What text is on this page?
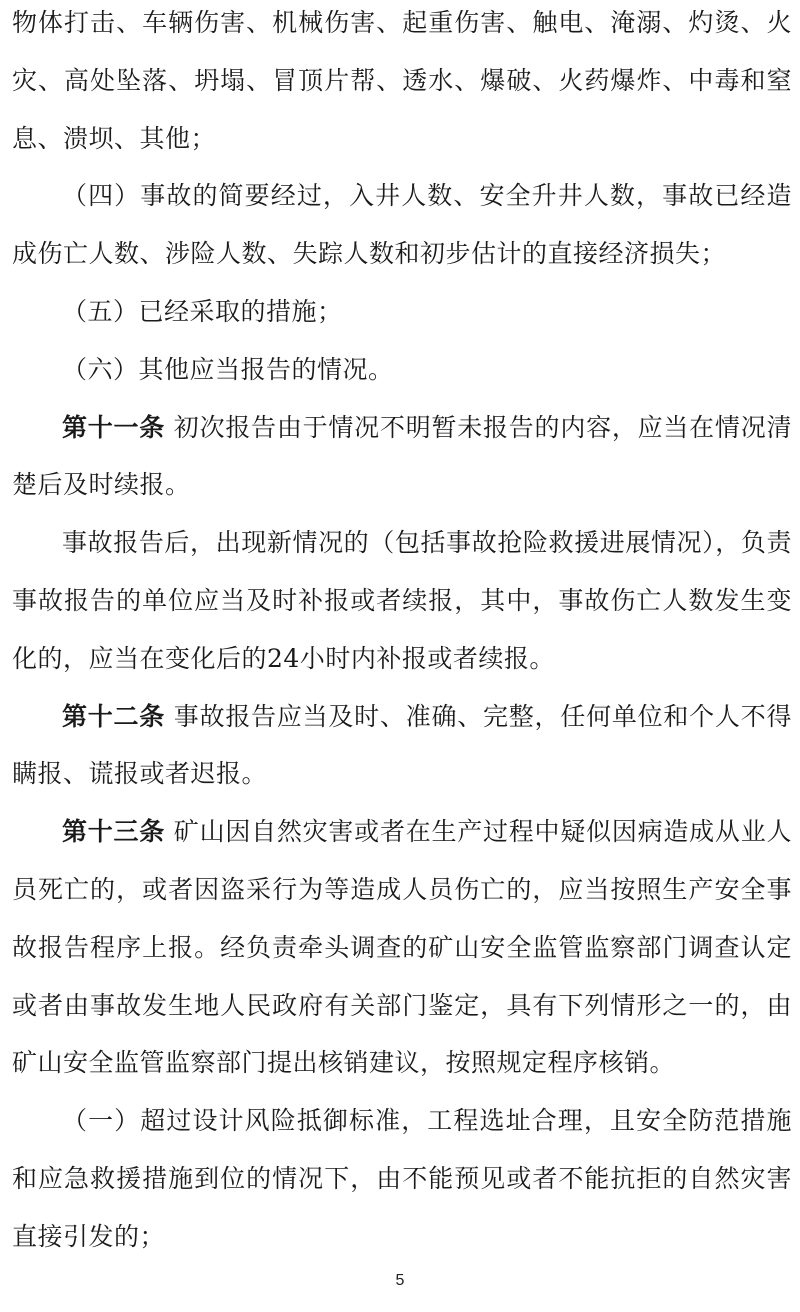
物体打击、车辆伤害、机械伤害、起重伤害、触电、淹溺、灼烫、火灾、高处坠落、坍塌、冒顶片帮、透水、爆破、火药爆炸、中毒和窒息、溃坝、其他；

（四）事故的简要经过，入井人数、安全升井人数，事故已经造成伤亡人数、涉险人数、失踪人数和初步估计的直接经济损失；

（五）已经采取的措施；

（六）其他应当报告的情况。

第十一条 初次报告由于情况不明暂未报告的内容，应当在情况清楚后及时续报。

事故报告后，出现新情况的（包括事故抢险救援进展情况），负责事故报告的单位应当及时补报或者续报，其中，事故伤亡人数发生变化的，应当在变化后的24小时内补报或者续报。

第十二条 事故报告应当及时、准确、完整，任何单位和个人不得瞒报、谎报或者迟报。

第十三条 矿山因自然灾害或者在生产过程中疑似因病造成从业人员死亡的，或者因盗采行为等造成人员伤亡的，应当按照生产安全事故报告程序上报。经负责牵头调查的矿山安全监管监察部门调查认定或者由事故发生地人民政府有关部门鉴定，具有下列情形之一的，由矿山安全监管监察部门提出核销建议，按照规定程序核销。

（一）超过设计风险抵御标准，工程选址合理，且安全防范措施和应急救援措施到位的情况下，由不能预见或者不能抗拒的自然灾害直接引发的；

5
